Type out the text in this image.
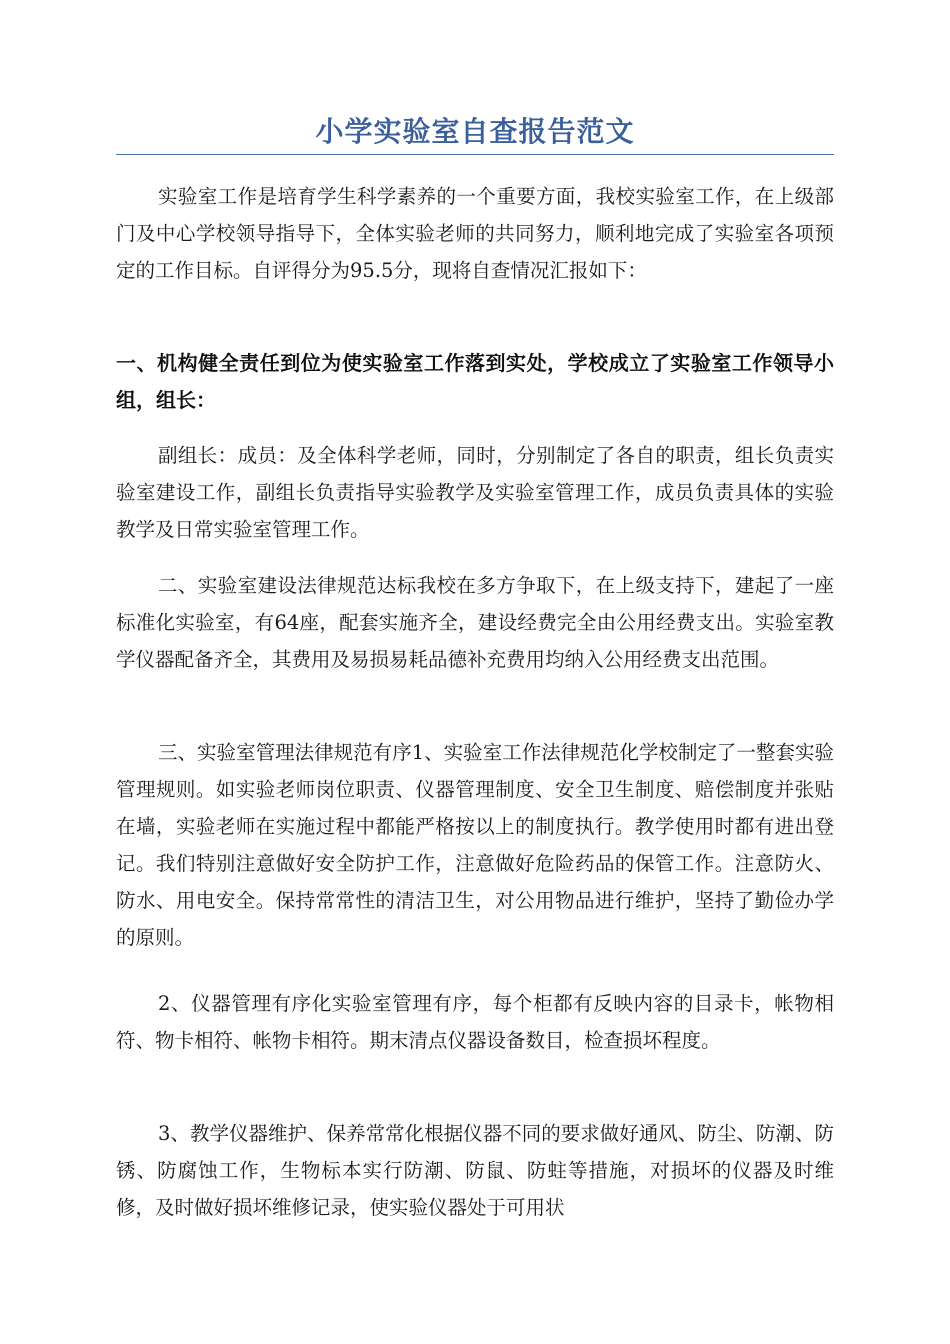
小学实验室自查报告范文

实验室工作是培育学生科学素养的一个重要方面，我校实验室工作，在上级部门及中心学校领导指导下，全体实验老师的共同努力，顺利地完成了实验室各项预定的工作目标。自评得分为95.5分，现将自查情况汇报如下：

一、机构健全责任到位为使实验室工作落到实处，学校成立了实验室工作领导小组，组长：

副组长：成员：及全体科学老师，同时，分别制定了各自的职责，组长负责实验室建设工作，副组长负责指导实验教学及实验室管理工作，成员负责具体的实验教学及日常实验室管理工作。

二、实验室建设法律规范达标我校在多方争取下，在上级支持下，建起了一座标准化实验室，有64座，配套实施齐全，建设经费完全由公用经费支出。实验室教学仪器配备齐全，其费用及易损易耗品德补充费用均纳入公用经费支出范围。

三、实验室管理法律规范有序1、实验室工作法律规范化学校制定了一整套实验管理规则。如实验老师岗位职责、仪器管理制度、安全卫生制度、赔偿制度并张贴在墙，实验老师在实施过程中都能严格按以上的制度执行。教学使用时都有进出登记。我们特别注意做好安全防护工作，注意做好危险药品的保管工作。注意防火、防水、用电安全。保持常常性的清洁卫生，对公用物品进行维护，坚持了勤俭办学的原则。

2、仪器管理有序化实验室管理有序，每个柜都有反映内容的目录卡，帐物相符、物卡相符、帐物卡相符。期末清点仪器设备数目，检查损坏程度。

3、教学仪器维护、保养常常化根据仪器不同的要求做好通风、防尘、防潮、防锈、防腐蚀工作，生物标本实行防潮、防鼠、防蛀等措施，对损坏的仪器及时维修，及时做好损坏维修记录，使实验仪器处于可用状
